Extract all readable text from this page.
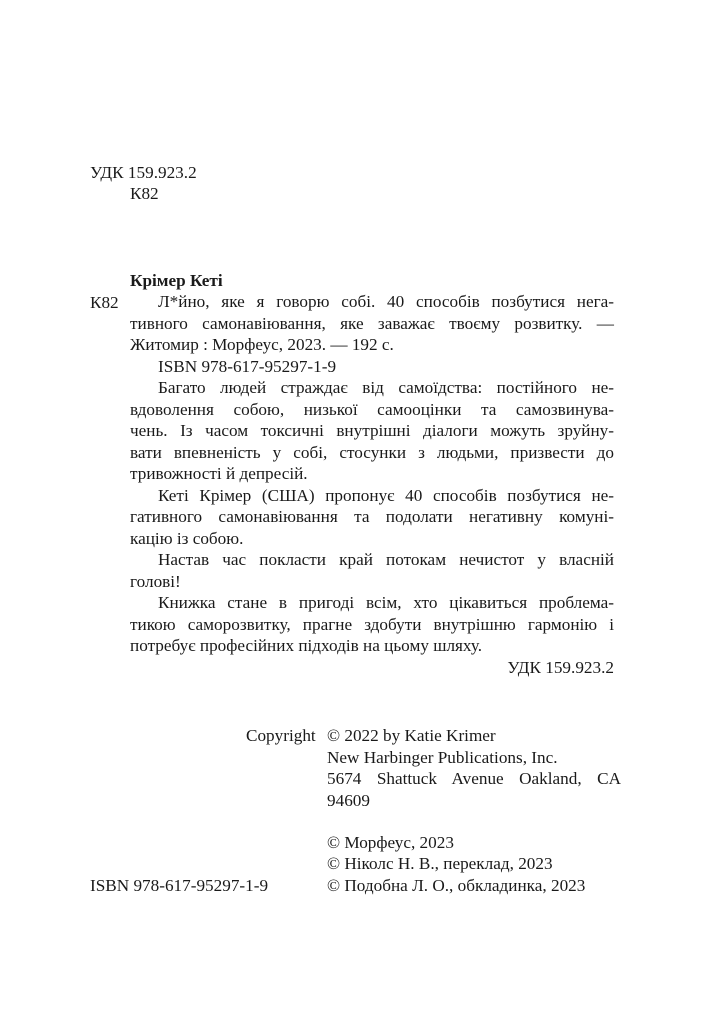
УДК 159.923.2
К82
Крімер Кеті
К82	Л*йно, яке я говорю собі. 40 способів позбутися нега-
тивного самонавіювання, яке заважає твоєму розвитку. —
Житомир : Морфеус, 2023. — 192 с.
ISBN 978-617-95297-1-9
Багато людей страждає від самоїдства: постійного не-
вдоволення собою, низької самооцінки та самозвинува-
чень. Із часом токсичні внутрішні діалоги можуть зруйну-
вати впевненість у собі, стосунки з людьми, призвести до
тривожності й депресій.
Кеті Крімер (США) пропонує 40 способів позбутися не-
гативного самонавіювання та подолати негативну комуні-
кацію із собою.
Настав час покласти край потокам нечистот у власній
голові!
Книжка стане в пригоді всім, хто цікавиться проблема-
тикою саморозвитку, прагне здобути внутрішню гармонію і
потребує професійних підходів на цьому шляху.
УДК 159.923.2
Copyright © 2022 by Katie Krimer
New Harbinger Publications, Inc.
5674 Shattuck Avenue Oakland, CA
94609
© Морфеус, 2023
© Ніколс Н. В., переклад, 2023
© Подобна Л. О., обкладинка, 2023
ISBN 978-617-95297-1-9
